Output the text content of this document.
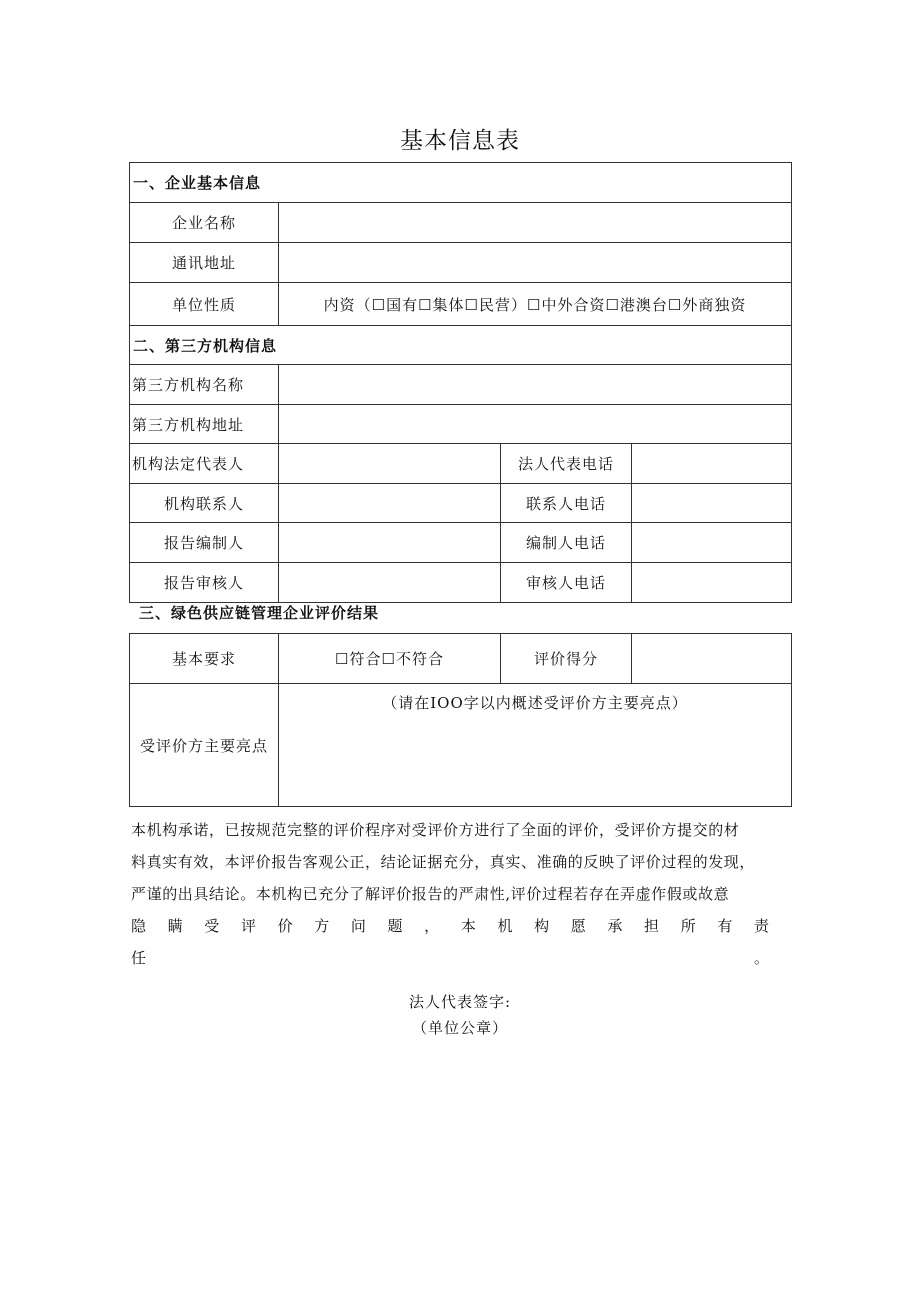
基本信息表
一、企业基本信息			
企业名称			
通讯地址			
单位性质	内资（☐国有☐集体☐民营）☐中外合资☐港澳台☐外商独资		
二、第三方机构信息			
第三方机构名称			
第三方机构地址			
机构法定代表人		法人代表电话	
机构联系人		联系人电话	
报告编制人		编制人电话	
报告审核人		审核人电话	
三、绿色供应链管理企业评价结果
基本要求	☐符合☐不符合	评价得分	
受评价方主要亮点	（请在IOO字以内概述受评价方主要亮点）		

本机构承诺，已按规范完整的评价程序对受评价方进行了全面的评价，受评价方提交的材

料真实有效，本评价报告客观公正，结论证据充分，真实、准确的反映了评价过程的发现，

严谨的出具结论。本机构已充分了解评价报告的严肃性,评价过程若存在弄虚作假或故意

隐瞒受评价方问题，本机构愿承担所有责任。

法人代表签字:
（单位公章）
